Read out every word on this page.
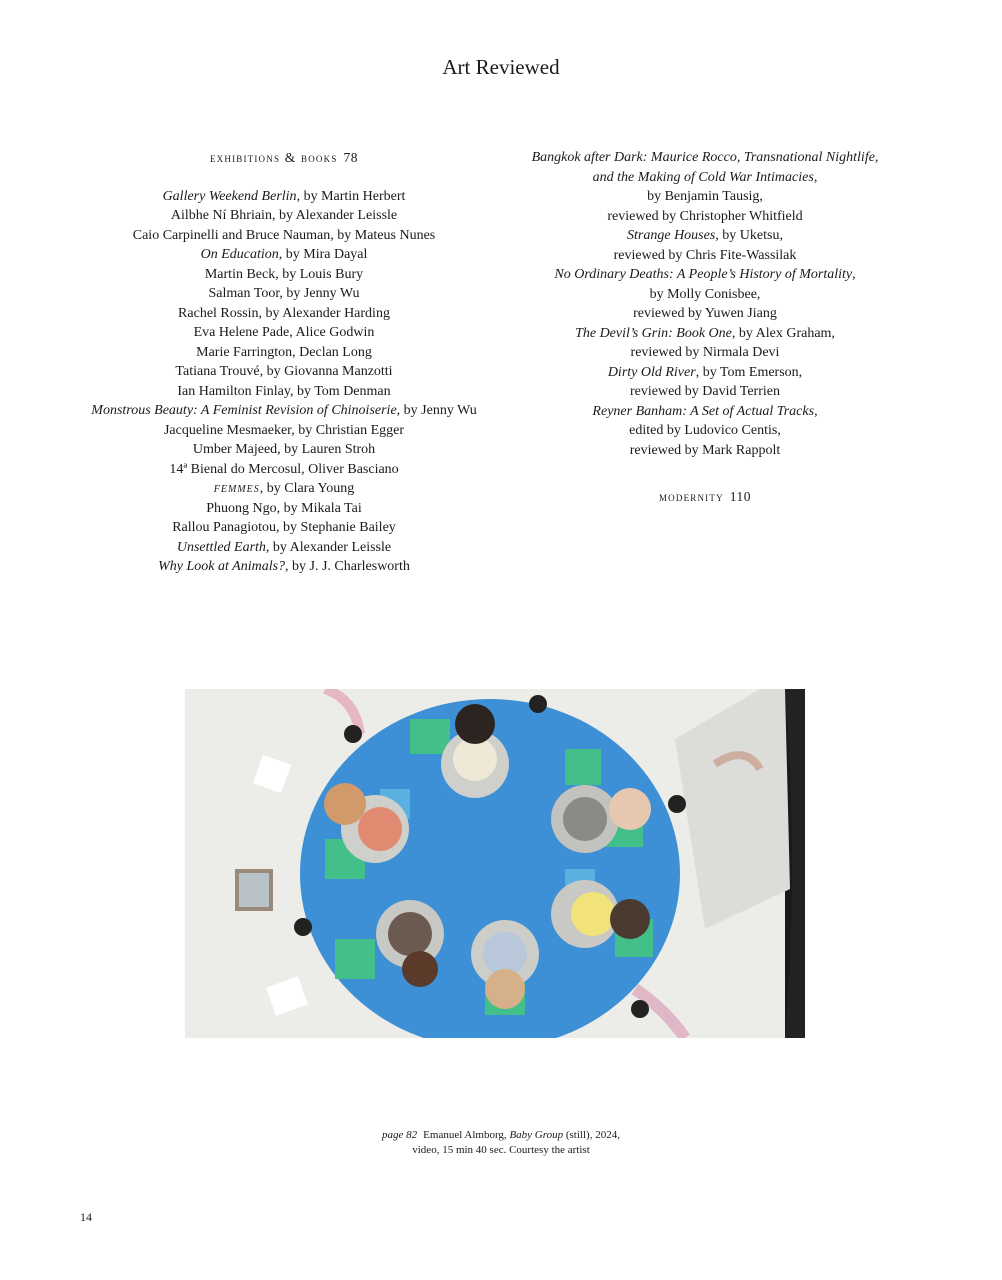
Art Reviewed
exhibitions & books 78
Gallery Weekend Berlin, by Martin Herbert
Ailbhe Ní Bhriain, by Alexander Leissle
Caio Carpinelli and Bruce Nauman, by Mateus Nunes
On Education, by Mira Dayal
Martin Beck, by Louis Bury
Salman Toor, by Jenny Wu
Rachel Rossin, by Alexander Harding
Eva Helene Pade, Alice Godwin
Marie Farrington, Declan Long
Tatiana Trouvé, by Giovanna Manzotti
Ian Hamilton Finlay, by Tom Denman
Monstrous Beauty: A Feminist Revision of Chinoiserie, by Jenny Wu
Jacqueline Mesmaeker, by Christian Egger
Umber Majeed, by Lauren Stroh
14ª Bienal do Mercosul, Oliver Basciano
femmes, by Clara Young
Phuong Ngo, by Mikala Tai
Rallou Panagiotou, by Stephanie Bailey
Unsettled Earth, by Alexander Leissle
Why Look at Animals?, by J. J. Charlesworth
Bangkok after Dark: Maurice Rocco, Transnational Nightlife,
and the Making of Cold War Intimacies,
by Benjamin Tausig,
reviewed by Christopher Whitfield
Strange Houses, by Uketsu,
reviewed by Chris Fite-Wassilak
No Ordinary Deaths: A People’s History of Mortality,
by Molly Conisbee,
reviewed by Yuwen Jiang
The Devil’s Grin: Book One, by Alex Graham,
reviewed by Nirmala Devi
Dirty Old River, by Tom Emerson,
reviewed by David Terrien
Reyner Banham: A Set of Actual Tracks,
edited by Ludovico Centis,
reviewed by Mark Rappolt
modernity 110
page 82 Emanuel Almborg, Baby Group (still), 2024,
video, 15 min 40 sec. Courtesy the artist
14
